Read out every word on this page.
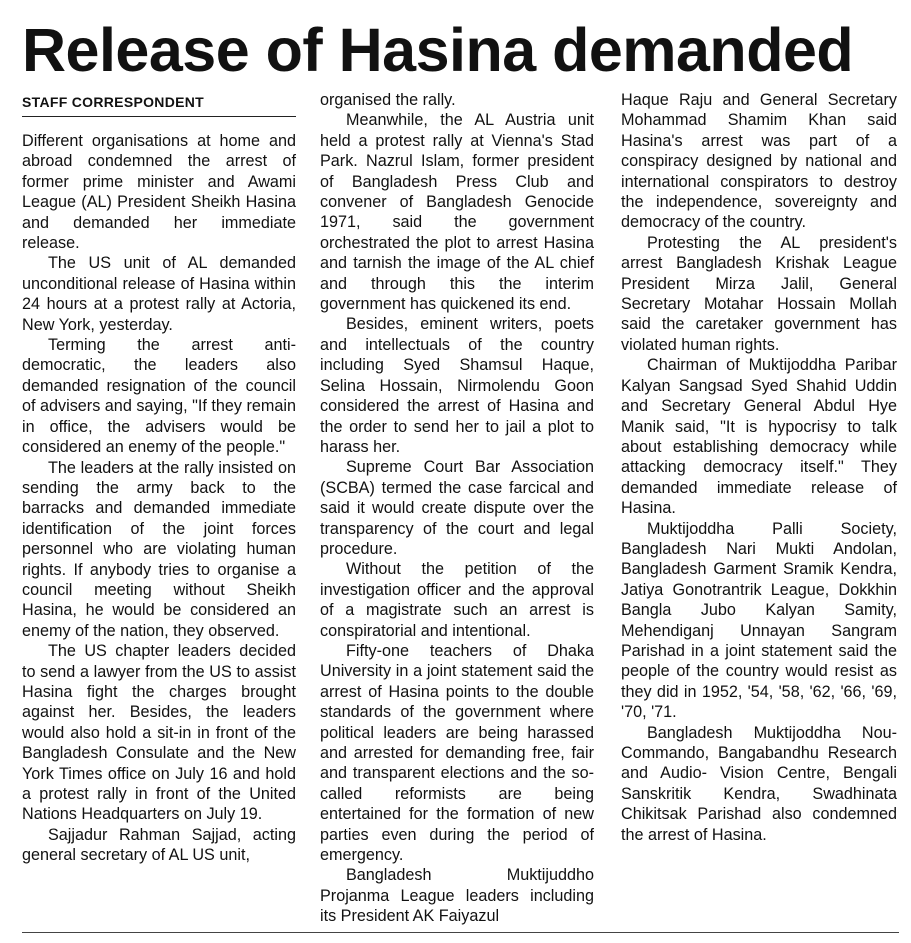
Release of Hasina demanded
STAFF CORRESPONDENT

Different organisations at home and abroad condemned the arrest of former prime minister and Awami League (AL) President Sheikh Hasina and demanded her immediate release.

The US unit of AL demanded unconditional release of Hasina within 24 hours at a protest rally at Actoria, New York, yesterday.

Terming the arrest anti-democratic, the leaders also demanded resignation of the council of advisers and saying, "If they remain in office, the advisers would be considered an enemy of the people."

The leaders at the rally insisted on sending the army back to the barracks and demanded immediate identification of the joint forces personnel who are violating human rights. If anybody tries to organise a council meeting without Sheikh Hasina, he would be considered an enemy of the nation, they observed.

The US chapter leaders decided to send a lawyer from the US to assist Hasina fight the charges brought against her. Besides, the leaders would also hold a sit-in in front of the Bangladesh Consulate and the New York Times office on July 16 and hold a protest rally in front of the United Nations Headquarters on July 19.

Sajjadur Rahman Sajjad, acting general secretary of AL US unit,

organised the rally.

Meanwhile, the AL Austria unit held a protest rally at Vienna's Stad Park. Nazrul Islam, former president of Bangladesh Press Club and convener of Bangladesh Genocide 1971, said the government orchestrated the plot to arrest Hasina and tarnish the image of the AL chief and through this the interim government has quickened its end.

Besides, eminent writers, poets and intellectuals of the country including Syed Shamsul Haque, Selina Hossain, Nirmolendu Goon considered the arrest of Hasina and the order to send her to jail a plot to harass her.

Supreme Court Bar Association (SCBA) termed the case farcical and said it would create dispute over the transparency of the court and legal procedure.

Without the petition of the investigation officer and the approval of a magistrate such an arrest is conspiratorial and intentional.

Fifty-one teachers of Dhaka University in a joint statement said the arrest of Hasina points to the double standards of the government where political leaders are being harassed and arrested for demanding free, fair and transparent elections and the so-called reformists are being entertained for the formation of new parties even during the period of emergency.

Bangladesh Muktijuddho Projanma League leaders including its President AK Faiyazul

Haque Raju and General Secretary Mohammad Shamim Khan said Hasina's arrest was part of a conspiracy designed by national and international conspirators to destroy the independence, sovereignty and democracy of the country.

Protesting the AL president's arrest Bangladesh Krishak League President Mirza Jalil, General Secretary Motahar Hossain Mollah said the caretaker government has violated human rights.

Chairman of Muktijoddha Paribar Kalyan Sangsad Syed Shahid Uddin and Secretary General Abdul Hye Manik said, "It is hypocrisy to talk about establishing democracy while attacking democracy itself." They demanded immediate release of Hasina.

Muktijoddha Palli Society, Bangladesh Nari Mukti Andolan, Bangladesh Garment Sramik Kendra, Jatiya Gonotrantrik League, Dokkhin Bangla Jubo Kalyan Samity, Mehendiganj Unnayan Sangram Parishad in a joint statement said the people of the country would resist as they did in 1952, '54, '58, '62, '66, '69, '70, '71.

Bangladesh Muktijoddha Nou-Commando, Bangabandhu Research and Audio- Vision Centre, Bengali Sanskritik Kendra, Swadhinata Chikitsak Parishad also condemned the arrest of Hasina.
